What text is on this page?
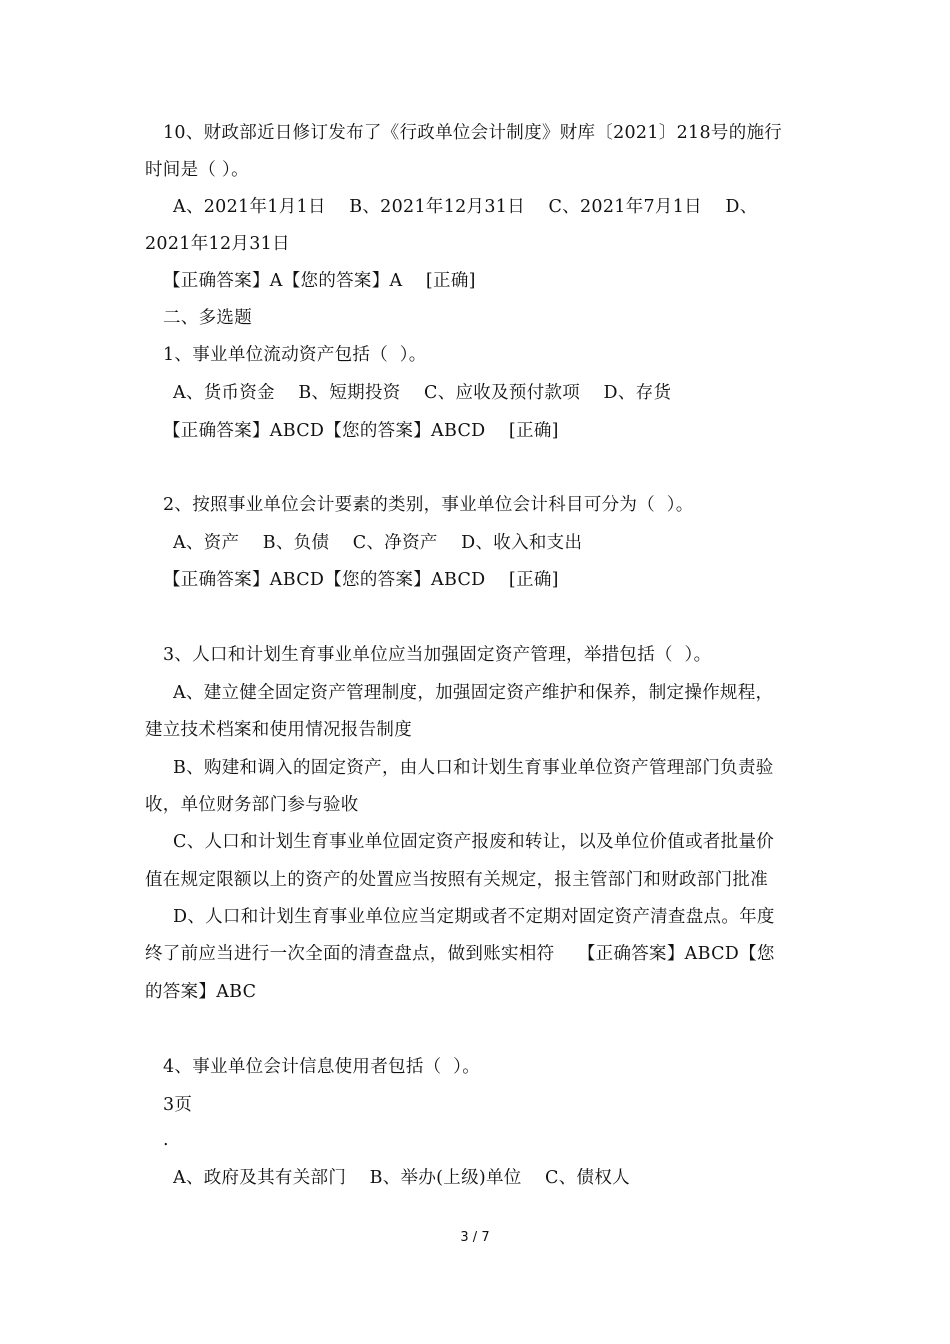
10、财政部近日修订发布了《行政单位会计制度》财库〔2021〕218号的施行
时间是（ ）。
A、2021年1月1日    B、2021年12月31日    C、2021年7月1日    D、
2021年12月31日
【正确答案】A【您的答案】A    [正确]
二、多选题
1、事业单位流动资产包括（  ）。
A、货币资金    B、短期投资    C、应收及预付款项    D、存货
【正确答案】ABCD【您的答案】ABCD    [正确]
2、按照事业单位会计要素的类别，事业单位会计科目可分为（  ）。
A、资产    B、负债    C、净资产    D、收入和支出
【正确答案】ABCD【您的答案】ABCD    [正确]
3、人口和计划生育事业单位应当加强固定资产管理，举措包括（  ）。
A、建立健全固定资产管理制度，加强固定资产维护和保养，制定操作规程，
建立技术档案和使用情况报告制度
B、购建和调入的固定资产，由人口和计划生育事业单位资产管理部门负责验
收，单位财务部门参与验收
C、人口和计划生育事业单位固定资产报废和转让，以及单位价值或者批量价
值在规定限额以上的资产的处置应当按照有关规定，报主管部门和财政部门批准
D、人口和计划生育事业单位应当定期或者不定期对固定资产清查盘点。年度
终了前应当进行一次全面的清查盘点，做到账实相符    【正确答案】ABCD【您
的答案】ABC
4、事业单位会计信息使用者包括（  ）。
3页
.
A、政府及其有关部门    B、举办(上级)单位    C、债权人
3 / 7
